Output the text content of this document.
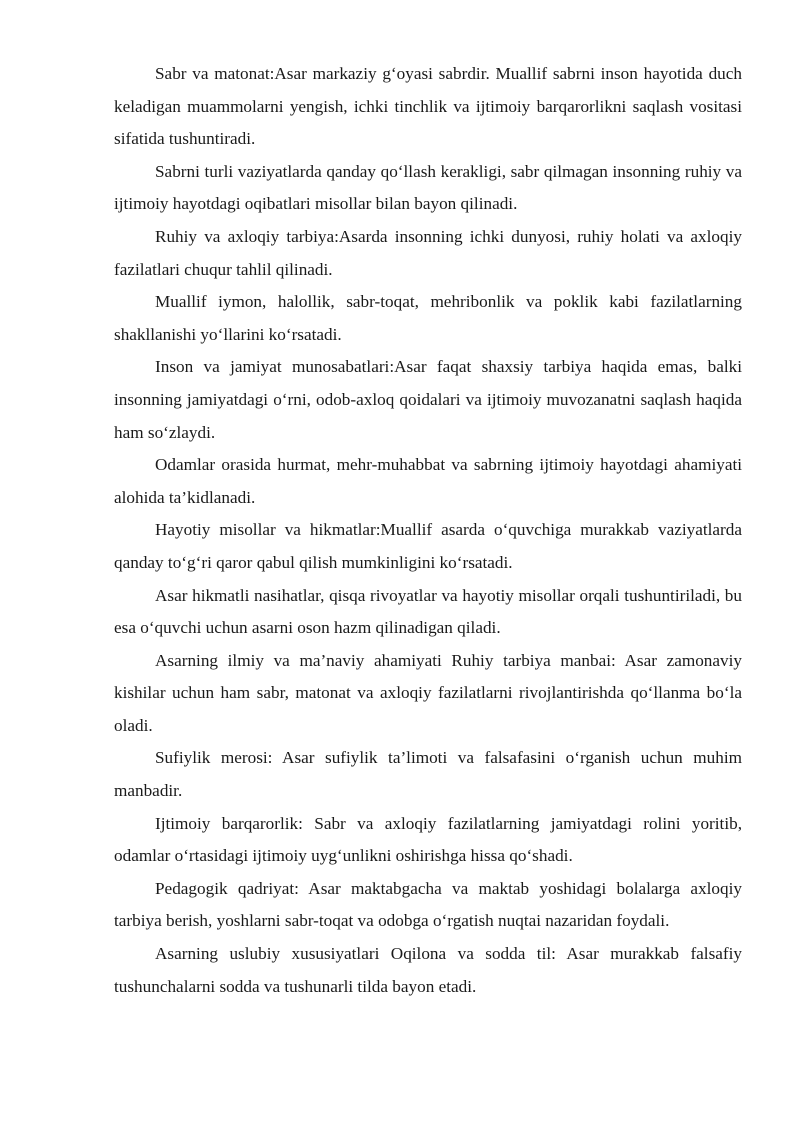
Sabr va matonat:Asar markaziy g‘oyasi sabrdir. Muallif sabrni inson hayotida duch keladigan muammolarni yengish, ichki tinchlik va ijtimoiy barqarorlikni saqlash vositasi sifatida tushuntiradi.

Sabrni turli vaziyatlarda qanday qo‘llash kerakligi, sabr qilmagan insonning ruhiy va ijtimoiy hayotdagi oqibatlari misollar bilan bayon qilinadi.

Ruhiy va axloqiy tarbiya:Asarda insonning ichki dunyosi, ruhiy holati va axloqiy fazilatlari chuqur tahlil qilinadi.

Muallif iymon, halollik, sabr-toqat, mehribonlik va poklik kabi fazilatlarning shakllanishi yo‘llarini ko‘rsatadi.

Inson va jamiyat munosabatlari:Asar faqat shaxsiy tarbiya haqida emas, balki insonning jamiyatdagi o‘rni, odob-axloq qoidalari va ijtimoiy muvozanatni saqlash haqida ham so‘zlaydi.

Odamlar orasida hurmat, mehr-muhabbat va sabrning ijtimoiy hayotdagi ahamiyati alohida ta’kidlanadi.

Hayotiy misollar va hikmatlar:Muallif asarda o‘quvchiga murakkab vaziyatlarda qanday to‘g‘ri qaror qabul qilish mumkinligini ko‘rsatadi.

Asar hikmatli nasihatlar, qisqa rivoyatlar va hayotiy misollar orqali tushuntiriladi, bu esa o‘quvchi uchun asarni oson hazm qilinadigan qiladi.

Asarning ilmiy va ma’naviy ahamiyati Ruhiy tarbiya manbai: Asar zamonaviy kishilar uchun ham sabr, matonat va axloqiy fazilatlarni rivojlantirishda qo‘llanma bo‘la oladi.

Sufiylik merosi: Asar sufiylik ta’limoti va falsafasini o‘rganish uchun muhim manbadir.

Ijtimoiy barqarorlik: Sabr va axloqiy fazilatlarning jamiyatdagi rolini yoritib, odamlar o‘rtasidagi ijtimoiy uyg‘unlikni oshirishga hissa qo‘shadi.

Pedagogik qadriyat: Asar maktabgacha va maktab yoshidagi bolalarga axloqiy tarbiya berish, yoshlarni sabr-toqat va odobga o‘rgatish nuqtai nazaridan foydali.

Asarning uslubiy xususiyatlari Oqilona va sodda til: Asar murakkab falsafiy tushunchalarni sodda va tushunarli tilda bayon etadi.
